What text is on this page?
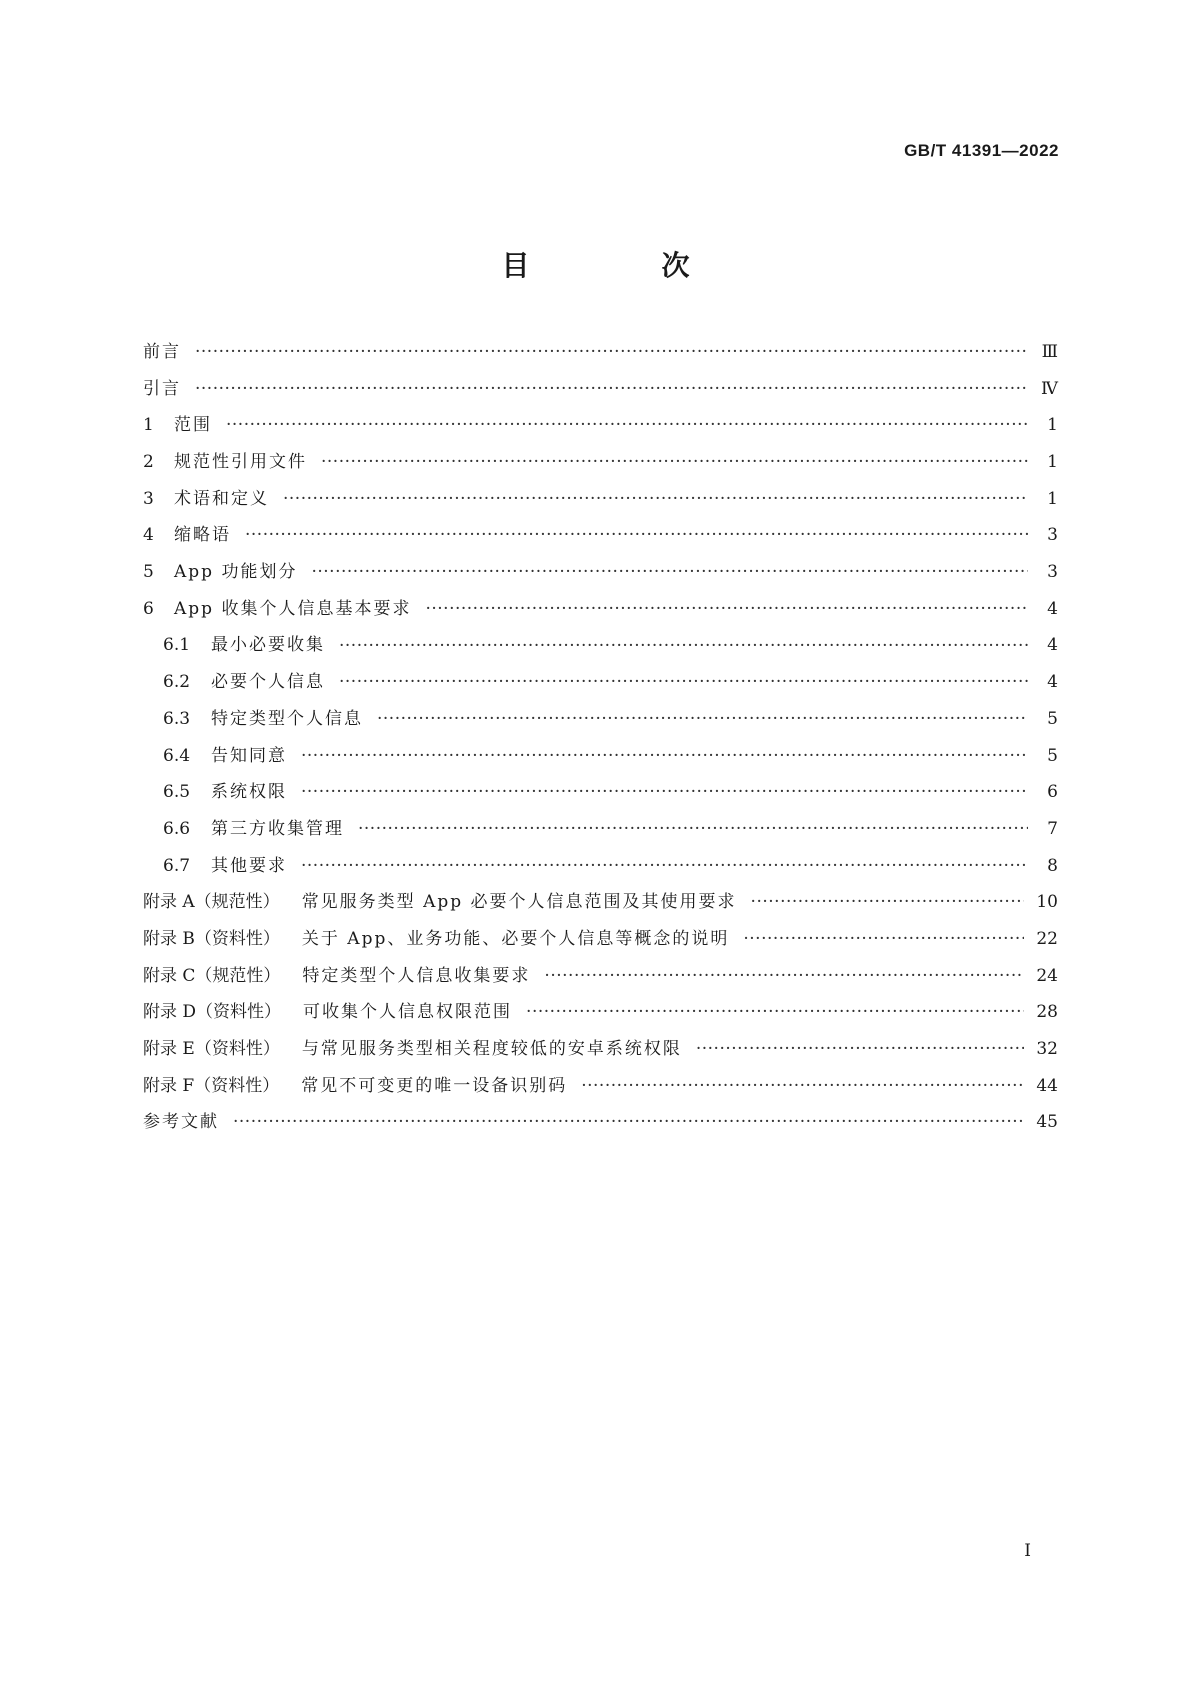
GB/T 41391—2022
目　次
前言 ·····	Ⅲ
引言 ·····	Ⅳ
1	范围 ·····	1
2	规范性引用文件 ·····	1
3	术语和定义 ·····	1
4	缩略语 ·····	3
5	App 功能划分 ·····	3
6	App 收集个人信息基本要求 ·····	4
6.1	最小必要收集 ·····	4
6.2	必要个人信息 ·····	4
6.3	特定类型个人信息 ·····	5
6.4	告知同意 ·····	5
6.5	系统权限 ·····	6
6.6	第三方收集管理 ·····	7
6.7	其他要求 ·····	8
附录 A（规范性） 常见服务类型 App 必要个人信息范围及其使用要求 ·····	10
附录 B（资料性） 关于 App、业务功能、必要个人信息等概念的说明 ·····	22
附录 C（规范性） 特定类型个人信息收集要求 ·····	24
附录 D（资料性） 可收集个人信息权限范围 ·····	28
附录 E（资料性） 与常见服务类型相关程度较低的安卓系统权限 ·····	32
附录 F（资料性） 常见不可变更的唯一设备识别码 ·····	44
参考文献 ·····	45
I
